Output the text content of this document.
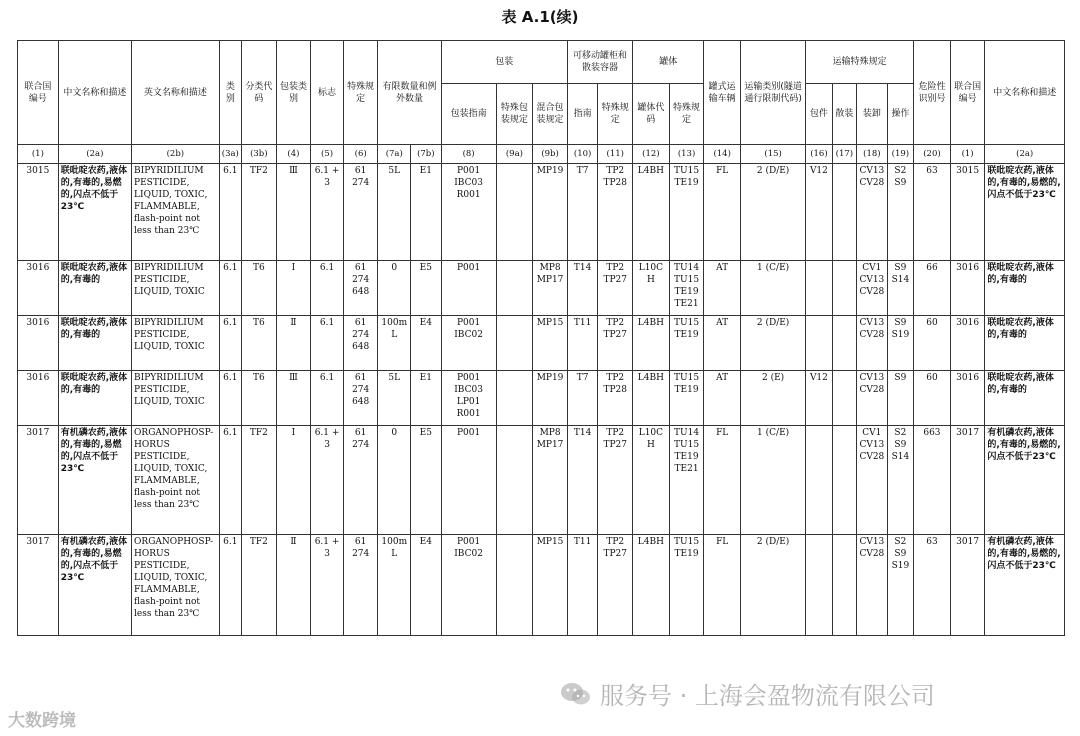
表 A.1(续)
联合国编号	中文名称和描述	英文名称和描述	类别	分类代码	包装类别	标志	特殊规定	有限数量和例外数量		包装			可移动罐柜和散装容器		罐体		罐式运输车辆	运输类别(隧道通行限制代码)	运输特殊规定				危险性识别号	联合国编号	中文名称和描述
										包装指南	特殊包装规定	混合包装规定	指南	特殊规定	罐体代码	特殊规定			包件	散装	装卸	操作			
(1)	(2a)	(2b)	(3a)	(3b)	(4)	(5)	(6)	(7a)	(7b)	(8)	(9a)	(9b)	(10)	(11)	(12)	(13)	(14)	(15)	(16)	(17)	(18)	(19)	(20)	(1)	(2a)
3015	联吡啶农药,液体的,有毒的,易燃的,闪点不低于23℃	BIPYRIDILIUM PESTICIDE, LIQUID, TOXIC, FLAMMABLE, flash-point not less than 23℃	6.1	TF2	Ⅲ	6.1 + 3	61 274	5L	E1	P001 IBC03 R001		MP19	T7	TP2 TP28	L4BH	TU15 TE19	FL	2 (D/E)	V12		CV13 CV28	S2 S9	63	3015	联吡啶农药,液体的,有毒的,易燃的,闪点不低于23℃
3016	联吡啶农药,液体的,有毒的	BIPYRIDILIUM PESTICIDE, LIQUID, TOXIC	6.1	T6	Ⅰ	6.1	61 274 648	0	E5	P001		MP8 MP17	T14	TP2 TP27	L10CH	TU14 TU15 TE19 TE21	AT	1 (C/E)			CV1 CV13 CV28	S9 S14	66	3016	联吡啶农药,液体的,有毒的
3016	联吡啶农药,液体的,有毒的	BIPYRIDILIUM PESTICIDE, LIQUID, TOXIC	6.1	T6	Ⅱ	6.1	61 274 648	100mL	E4	P001 IBC02		MP15	T11	TP2 TP27	L4BH	TU15 TE19	AT	2 (D/E)			CV13 CV28	S9 S19	60	3016	联吡啶农药,液体的,有毒的
3016	联吡啶农药,液体的,有毒的	BIPYRIDILIUM PESTICIDE, LIQUID, TOXIC	6.1	T6	Ⅲ	6.1	61 274 648	5L	E1	P001 IBC03 LP01 R001		MP19	T7	TP2 TP28	L4BH	TU15 TE19	AT	2 (E)	V12		CV13 CV28	S9	60	3016	联吡啶农药,液体的,有毒的
3017	有机磷农药,液体的,有毒的,易燃的,闪点不低于23℃	ORGANOPHOSP-HORUS PESTICIDE, LIQUID, TOXIC, FLAMMABLE, flash-point not less than 23℃	6.1	TF2	Ⅰ	6.1 + 3	61 274	0	E5	P001		MP8 MP17	T14	TP2 TP27	L10CH	TU14 TU15 TE19 TE21	FL	1 (C/E)			CV1 CV13 CV28	S2 S9 S14	663	3017	有机磷农药,液体的,有毒的,易燃的,闪点不低于23℃
3017	有机磷农药,液体的,有毒的,易燃的,闪点不低于23℃	ORGANOPHOSP-HORUS PESTICIDE, LIQUID, TOXIC, FLAMMABLE, flash-point not less than 23℃	6.1	TF2	Ⅱ	6.1 + 3	61 274	100mL	E4	P001 IBC02		MP15	T11	TP2 TP27	L4BH	TU15 TE19	FL	2 (D/E)			CV13 CV28	S2 S9 S19	63	3017	有机磷农药,液体的,有毒的,易燃的,闪点不低于23℃
大数跨境
服务号 · 上海会盈物流有限公司
